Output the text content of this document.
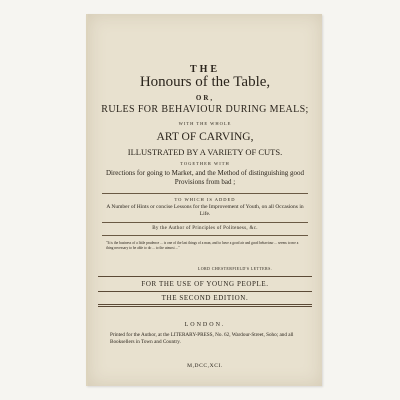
THE
Honours of the Table,
OR,
RULES FOR BEHAVIOUR DURING MEALS;
WITH THE WHOLE
ART OF CARVING,
ILLUSTRATED BY A VARIETY OF CUTS.
TOGETHER WITH
Directions for going to Market, and the Method of distinguishing good Provisions from bad ;
TO WHICH IS ADDED
A Number of Hints or concise Lessons for the Improvement of Youth, on all Occasions in Life.
By the Author of Principles of Politeness, &c.
"It is the business of a little prudence ... is one of the last things of a man, and to have a good air and good behaviour ... seems to me a thing necessary to be able to do ... to the utmost ..."
LORD CHESTERFIELD'S LETTERS.
FOR THE USE OF YOUNG PEOPLE.
THE SECOND EDITION.
LONDON.
Printed for the Author, at the LITERARY-PRESS, No. 62, Wardour-Street, Soho; and all Booksellers in Town and Country.
M,DCC,XCI.
